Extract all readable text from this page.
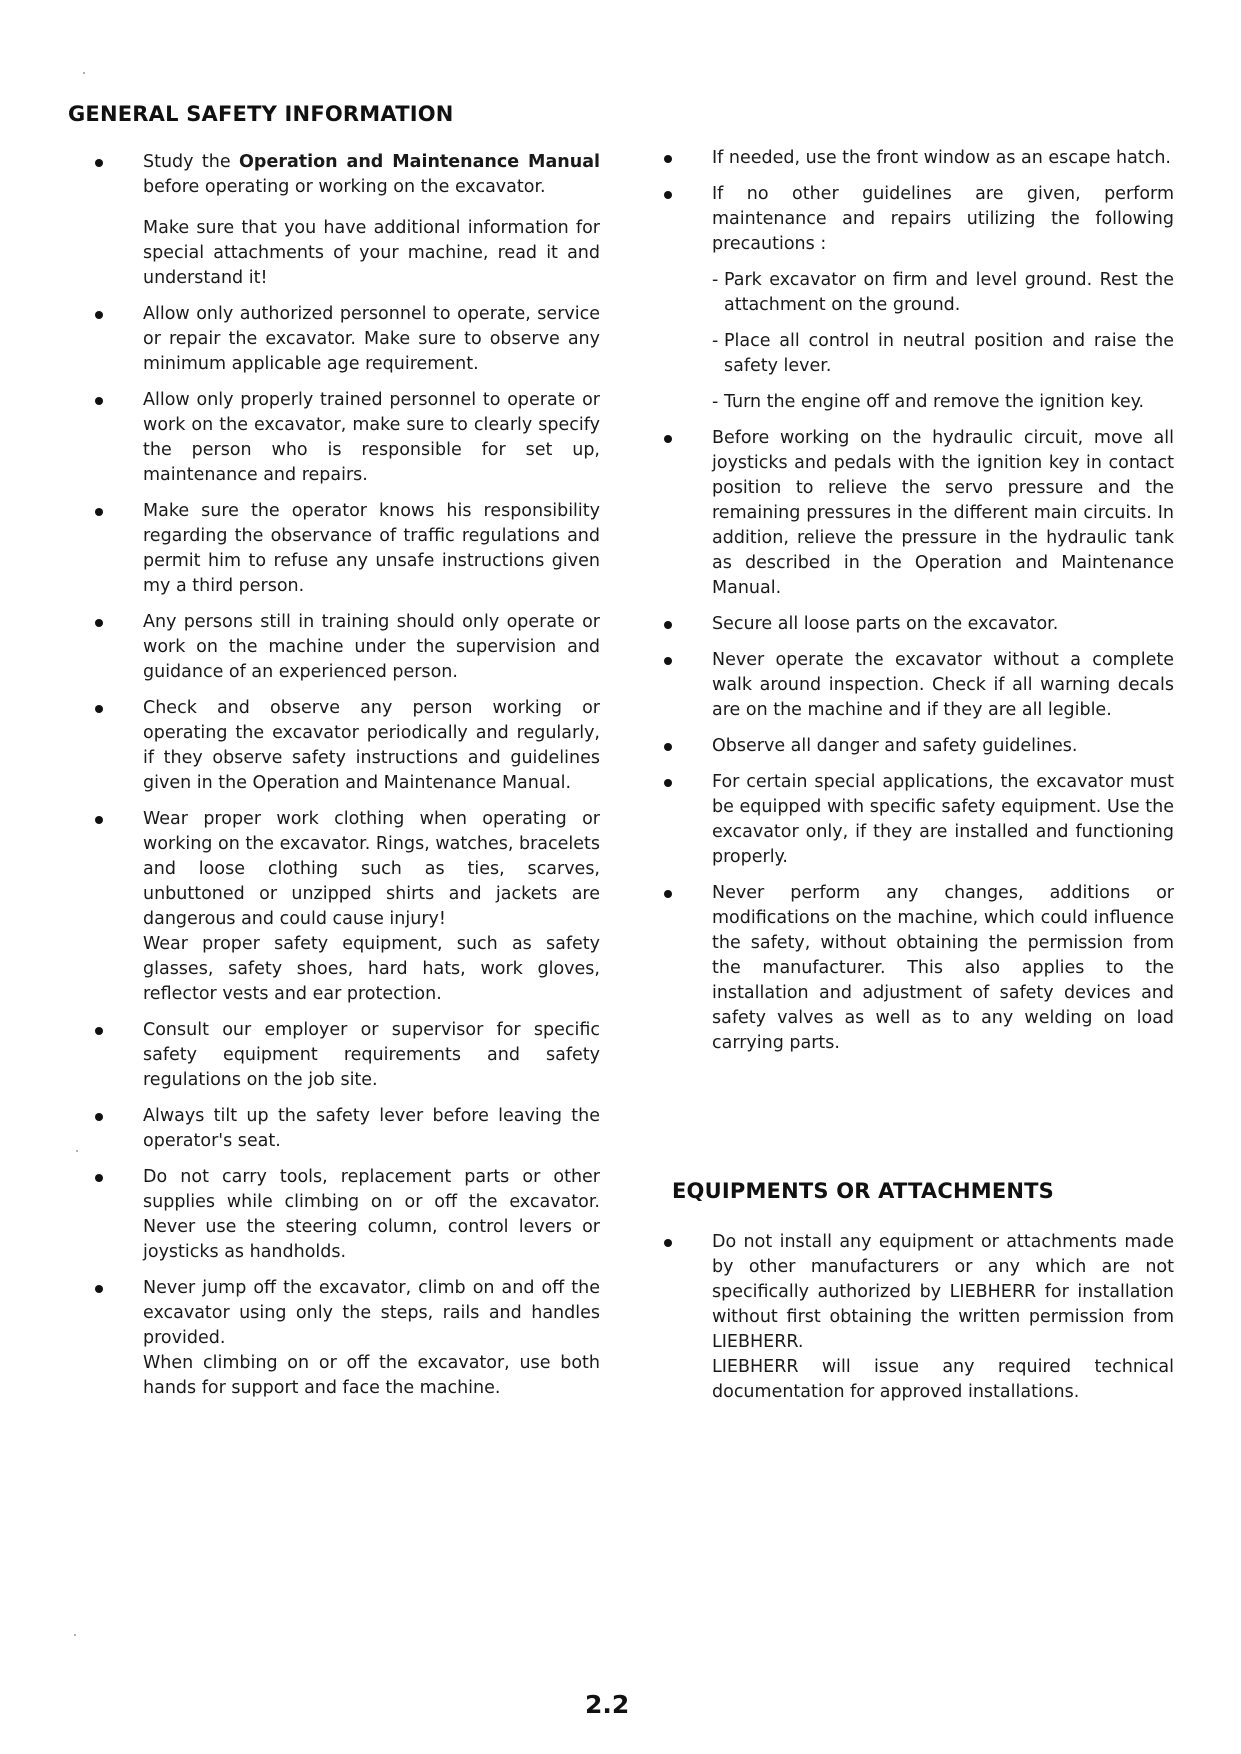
GENERAL SAFETY INFORMATION

Study the Operation and Maintenance Manual before operating or working on the excavator.

Make sure that you have additional information for special attachments of your machine, read it and understand it!

Allow only authorized personnel to operate, service or repair the excavator. Make sure to observe any minimum applicable age requirement.

Allow only properly trained personnel to operate or work on the excavator, make sure to clearly specify the person who is responsible for set up, maintenance and repairs.

Make sure the operator knows his responsibility regarding the observance of traffic regulations and permit him to refuse any unsafe instructions given my a third person.

Any persons still in training should only operate or work on the machine under the supervision and guidance of an experienced person.

Check and observe any person working or operating the excavator periodically and regularly, if they observe safety instructions and guidelines given in the Operation and Maintenance Manual.

Wear proper work clothing when operating or working on the excavator. Rings, watches, bracelets and loose clothing such as ties, scarves, unbuttoned or unzipped shirts and jackets are dangerous and could cause injury!

Wear proper safety equipment, such as safety glasses, safety shoes, hard hats, work gloves, reflector vests and ear protection.

Consult our employer or supervisor for specific safety equipment requirements and safety regulations on the job site.

Always tilt up the safety lever before leaving the operator's seat.

Do not carry tools, replacement parts or other supplies while climbing on or off the excavator. Never use the steering column, control levers or joysticks as handholds.

Never jump off the excavator, climb on and off the excavator using only the steps, rails and handles provided.

When climbing on or off the excavator, use both hands for support and face the machine.

If needed, use the front window as an escape hatch.

If no other guidelines are given, perform maintenance and repairs utilizing the following precautions :

- Park excavator on firm and level ground. Rest the attachment on the ground.
- Place all control in neutral position and raise the safety lever.
- Turn the engine off and remove the ignition key.

Before working on the hydraulic circuit, move all joysticks and pedals with the ignition key in contact position to relieve the servo pressure and the remaining pressures in the different main circuits. In addition, relieve the pressure in the hydraulic tank as described in the Operation and Maintenance Manual.

Secure all loose parts on the excavator.

Never operate the excavator without a complete walk around inspection. Check if all warning decals are on the machine and if they are all legible.

Observe all danger and safety guidelines.

For certain special applications, the excavator must be equipped with specific safety equipment. Use the excavator only, if they are installed and functioning properly.

Never perform any changes, additions or modifications on the machine, which could influence the safety, without obtaining the permission from the manufacturer. This also applies to the installation and adjustment of safety devices and safety valves as well as to any welding on load carrying parts.

EQUIPMENTS OR ATTACHMENTS

Do not install any equipment or attachments made by other manufacturers or any which are not specifically authorized by LIEBHERR for installation without first obtaining the written permission from LIEBHERR.

LIEBHERR will issue any required technical documentation for approved installations.

2.2
